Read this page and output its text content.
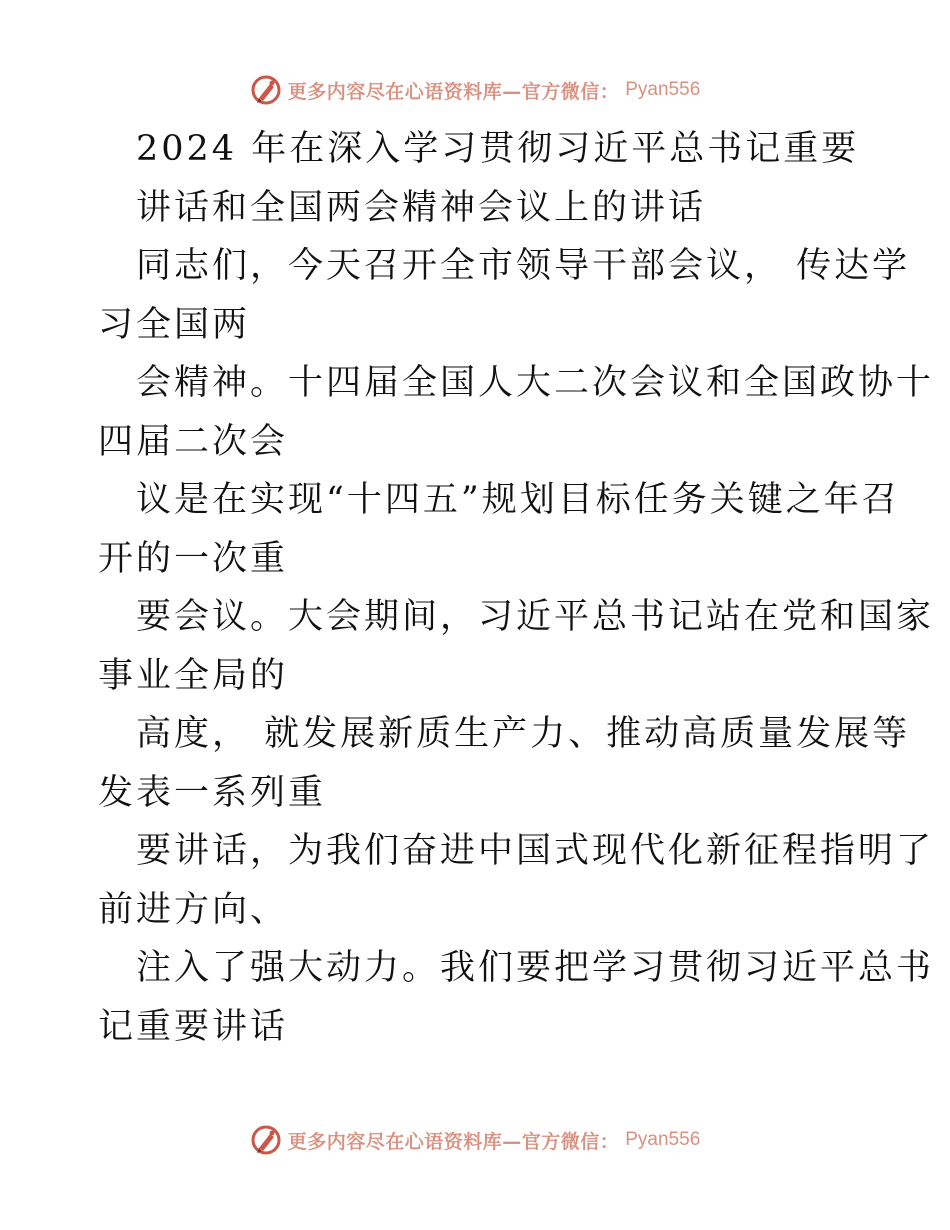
更多内容尽在心语资料库—官方微信： Pyan556
2024 年在深入学习贯彻习近平总书记重要
讲话和全国两会精神会议上的讲话
同志们，今天召开全市领导干部会议， 传达学
习全国两
会精神。十四届全国人大二次会议和全国政协十
四届二次会
议是在实现“十四五”规划目标任务关键之年召
开的一次重
要会议。大会期间，习近平总书记站在党和国家
事业全局的
高度， 就发展新质生产力、推动高质量发展等
发表一系列重
要讲话，为我们奋进中国式现代化新征程指明了
前进方向、
注入了强大动力。我们要把学习贯彻习近平总书
记重要讲话
更多内容尽在心语资料库—官方微信： Pyan556
